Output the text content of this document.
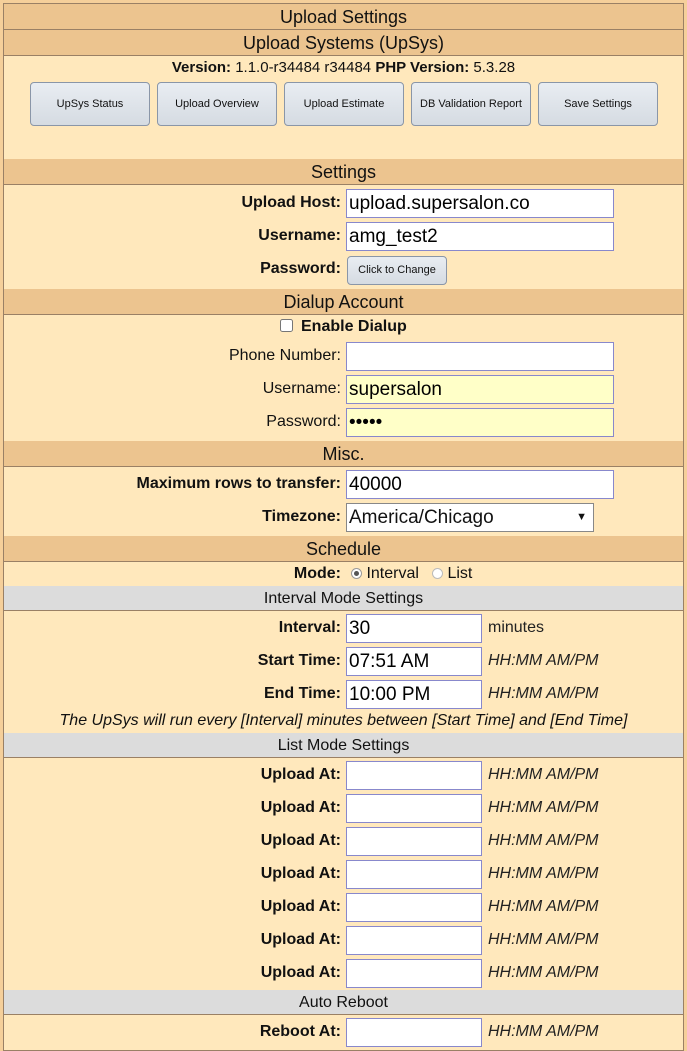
Upload Settings
Upload Systems (UpSys)
Version: 1.1.0-r34484 r34484 PHP Version: 5.3.28
UpSys Status	Upload Overview	Upload Estimate	DB Validation Report	Save Settings
Settings
Upload Host:
upload.supersalon.co
Username:
amg_test2
Password:	Click to Change
Dialup Account
Enable Dialup
Phone Number:
Username:
supersalon
Password:
•••••
Misc.
Maximum rows to transfer:
40000
Timezone: America/Chicago	▼
Schedule
Mode:	Interval	List
Interval Mode Settings
Interval:
30	minutes
Start Time:
07:51 AM	HH:MM AM/PM
End Time:
10:00 PM	HH:MM AM/PM
The UpSys will run every [Interval] minutes between [Start Time] and [End Time]
List Mode Settings
Upload At:	HH:MM AM/PM
Upload At:	HH:MM AM/PM
Upload At:	HH:MM AM/PM
Upload At:	HH:MM AM/PM
Upload At:	HH:MM AM/PM
Upload At:	HH:MM AM/PM
Upload At:	HH:MM AM/PM
Auto Reboot
Reboot At:	HH:MM AM/PM
